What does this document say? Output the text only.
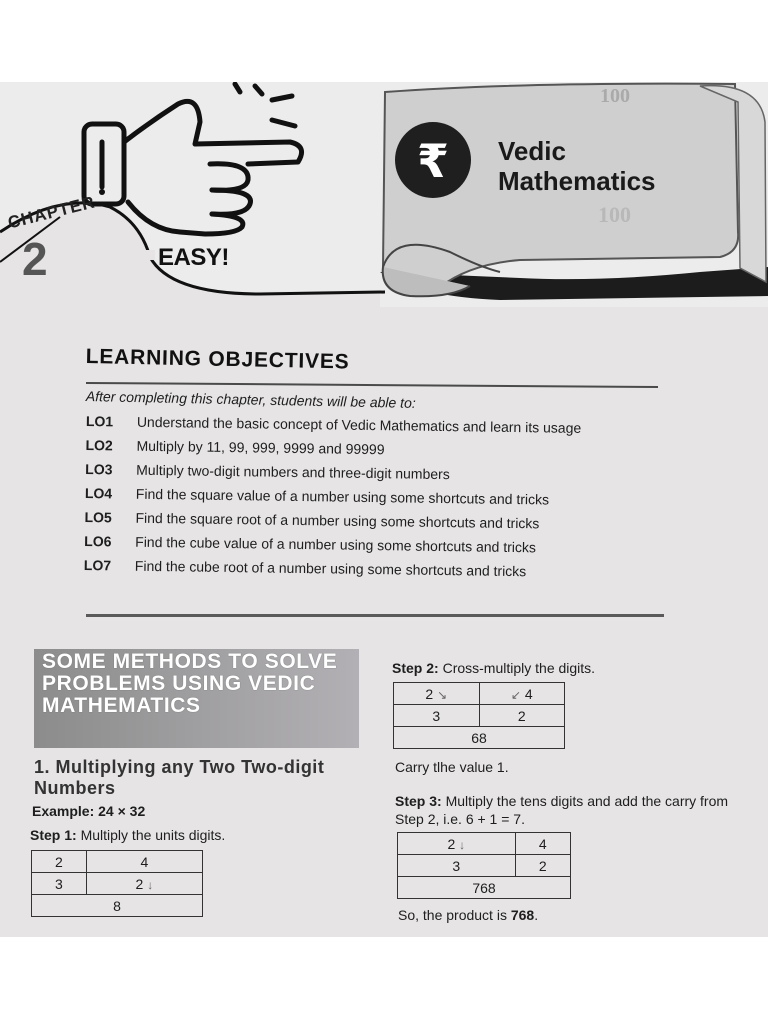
100
100
₹
CHAPTER
2	EASY!
Vedic
Mathematics
LEARNING OBJECTIVES
After completing this chapter, students will be able to:
LO1	Understand the basic concept of Vedic Mathematics and learn its usage
LO2	Multiply by 11, 99, 999, 9999 and 99999
LO3	Multiply two-digit numbers and three-digit numbers
LO4	Find the square value of a number using some shortcuts and tricks
LO5	Find the square root of a number using some shortcuts and tricks
LO6	Find the cube value of a number using some shortcuts and tricks
LO7	Find the cube root of a number using some shortcuts and tricks
SOME METHODS TO SOLVE PROBLEMS USING VEDIC MATHEMATICS
1. Multiplying any Two Two-digit Numbers
Example: 24 × 32
Step 1: Multiply the units digits.
2	4
3	2 ↓
8	
Step 2: Cross-multiply the digits.
2 ↘	↙ 4
3	2
68	
Carry tlhe value 1.
Step 3: Multiply the tens digits and add the carry from Step 2, i.e. 6 + 1 = 7.
2 ↓	4
3	2
768	
So, the product is 768.
